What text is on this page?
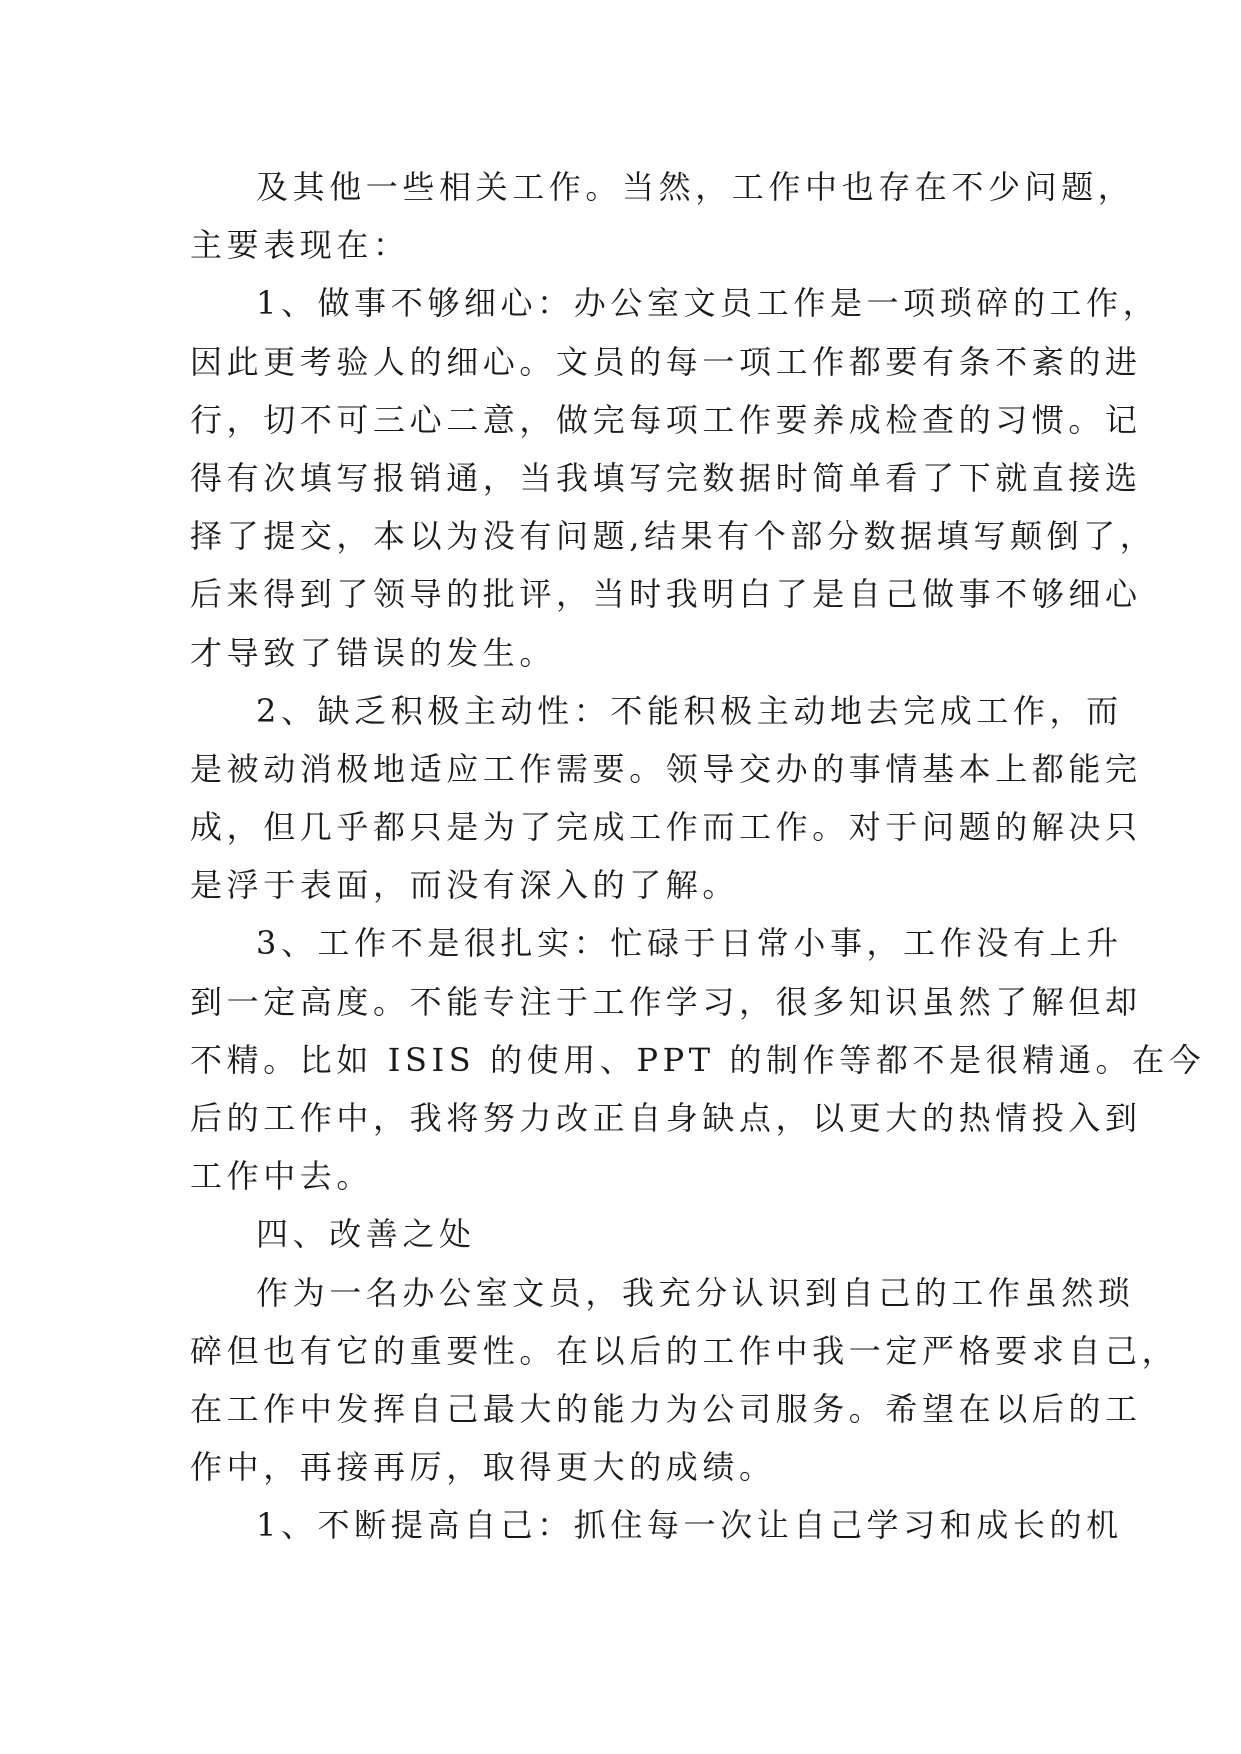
及其他一些相关工作。当然，工作中也存在不少问题，
主要表现在：
1、做事不够细心：办公室文员工作是一项琐碎的工作，
因此更考验人的细心。文员的每一项工作都要有条不紊的进
行，切不可三心二意，做完每项工作要养成检查的习惯。记
得有次填写报销通，当我填写完数据时简单看了下就直接选
择了提交，本以为没有问题,结果有个部分数据填写颠倒了，
后来得到了领导的批评，当时我明白了是自己做事不够细心
才导致了错误的发生。
2、缺乏积极主动性：不能积极主动地去完成工作，而
是被动消极地适应工作需要。领导交办的事情基本上都能完
成，但几乎都只是为了完成工作而工作。对于问题的解决只
是浮于表面，而没有深入的了解。
3、工作不是很扎实：忙碌于日常小事，工作没有上升
到一定高度。不能专注于工作学习，很多知识虽然了解但却
不精。比如 ISIS 的使用、PPT 的制作等都不是很精通。在今
后的工作中，我将努力改正自身缺点，以更大的热情投入到
工作中去。
四、改善之处
作为一名办公室文员，我充分认识到自己的工作虽然琐
碎但也有它的重要性。在以后的工作中我一定严格要求自己，
在工作中发挥自己最大的能力为公司服务。希望在以后的工
作中，再接再厉，取得更大的成绩。
1、不断提高自己：抓住每一次让自己学习和成长的机
